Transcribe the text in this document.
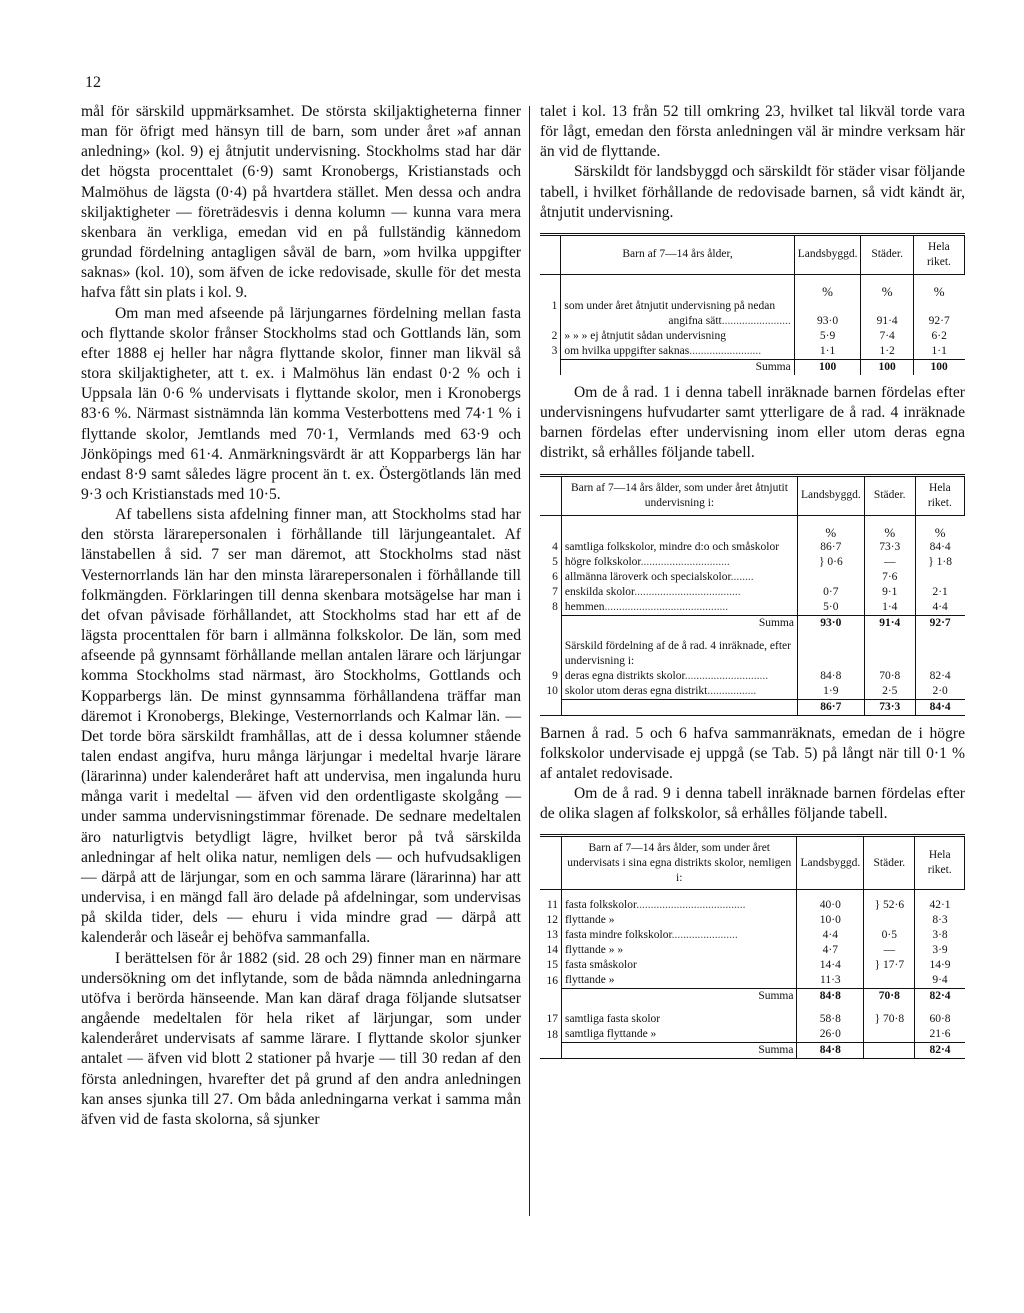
12

mål för särskild uppmärksamhet. De största skiljaktigheterna finner man för öfrigt med hänsyn till de barn, som under året »af annan anledning» (kol. 9) ej åtnjutit undervisning. Stockholms stad har där det högsta procenttalet (6·9) samt Kronobergs, Kristianstads och Malmöhus de lägsta (0·4) på hvartdera stället. Men dessa och andra skiljaktigheter — företrädesvis i denna kolumn — kunna vara mera skenbara än verkliga, emedan vid en på fullständig kännedom grundad fördelning antagligen såväl de barn, »om hvilka uppgifter saknas» (kol. 10), som äfven de icke redovisade, skulle för det mesta hafva fått sin plats i kol. 9.

Om man med afseende på lärjungarnes fördelning mellan fasta och flyttande skolor frånser Stockholms stad och Gottlands län, som efter 1888 ej heller har några flyttande skolor, finner man likväl så stora skiljaktigheter, att t. ex. i Malmöhus län endast 0·2 % och i Uppsala län 0·6 % undervisats i flyttande skolor, men i Kronobergs 83·6 %. Närmast sistnämnda län komma Vesterbottens med 74·1 % i flyttande skolor, Jemtlands med 70·1, Vermlands med 63·9 och Jönköpings med 61·4. Anmärkningsvärdt är att Kopparbergs län har endast 8·9 samt således lägre procent än t. ex. Östergötlands län med 9·3 och Kristianstads med 10·5.

Af tabellens sista afdelning finner man, att Stockholms stad har den största lärarepersonalen i förhållande till lärjungeantalet. Af länstabellen å sid. 7 ser man däremot, att Stockholms stad näst Vesternorrlands län har den minsta lärarepersonalen i förhållande till folkmängden. Förklaringen till denna skenbara motsägelse har man i det ofvan påvisade förhållandet, att Stockholms stad har ett af de lägsta procenttalen för barn i allmänna folkskolor. De län, som med afseende på gynnsamt förhållande mellan antalen lärare och lärjungar komma Stockholms stad närmast, äro Stockholms, Gottlands och Kopparbergs län. De minst gynnsamma förhållandena träffar man däremot i Kronobergs, Blekinge, Vesternorrlands och Kalmar län. — Det torde böra särskildt framhållas, att de i dessa kolumner stående talen endast angifva, huru många lärjungar i medeltal hvarje lärare (lärarinna) under kalenderåret haft att undervisa, men ingalunda huru många varit i medeltal — äfven vid den ordentligaste skolgång — under samma undervisningstimmar förenade. De sednare medeltalen äro naturligtvis betydligt lägre, hvilket beror på två särskilda anledningar af helt olika natur, nemligen dels — och hufvudsakligen — därpå att de lärjungar, som en och samma lärare (lärarinna) har att undervisa, i en mängd fall äro delade på afdelningar, som undervisas på skilda tider, dels — ehuru i vida mindre grad — därpå att kalenderår och läseår ej behöfva sammanfalla.

I berättelsen för år 1882 (sid. 28 och 29) finner man en närmare undersökning om det inflytande, som de båda nämnda anledningarna utöfva i berörda hänseende. Man kan däraf draga följande slutsatser angående medeltalen för hela riket af lärjungar, som under kalenderåret undervisats af samme lärare. I flyttande skolor sjunker antalet — äfven vid blott 2 stationer på hvarje — till 30 redan af den första anledningen, hvarefter det på grund af den andra anledningen kan anses sjunka till 27. Om båda anledningarna verkat i samma mån äfven vid de fasta skolorna, så sjunker

talet i kol. 13 från 52 till omkring 23, hvilket tal likväl torde vara för lågt, emedan den första anledningen väl är mindre verksam här än vid de flyttande.

Särskildt för landsbyggd och särskildt för städer visar följande tabell, i hvilket förhållande de redovisade barnen, så vidt kändt är, åtnjutit undervisning.

	Barn af 7—14 års ålder,	Landsbyggd.	Städer.	Hela riket.
		%	%	%
1	som under året åtnjutit undervisning på nedan			
	angifna sätt........................	93·0	91·4	92·7
2	» » » ej åtnjutit sådan undervisning	5·9	7·4	6·2
3	om hvilka uppgifter saknas.........................	1·1	1·2	1·1
	Summa	100	100	100

Om de å rad. 1 i denna tabell inräknade barnen fördelas efter undervisningens hufvudarter samt ytterligare de å rad. 4 inräknade barnen fördelas efter undervisning inom eller utom deras egna distrikt, så erhålles följande tabell.

	Barn af 7—14 års ålder, som under året åtnjutit undervisning i:	Landsbyggd.	Städer.	Hela riket.
		%	%	%
4	samtliga folkskolor, mindre d:o och småskolor	86·7	73·3	84·4
5	högre folkskolor...............................	} 0·6	—	} 1·8
6	allmänna läroverk och specialskolor........		7·6	
7	enskilda skolor.....................................	0·7	9·1	2·1
8	hemmen...........................................	5·0	1·4	4·4
	Summa	93·0	91·4	92·7

	Särskild fördelning af de å rad. 4 inräknade, efter undervisning i:			
9	deras egna distrikts skolor.............................	84·8	70·8	82·4
10	skolor utom deras egna distrikt.................	1·9	2·5	2·0
		86·7	73·3	84·4

Barnen å rad. 5 och 6 hafva sammanräknats, emedan de i högre folkskolor undervisade ej uppgå (se Tab. 5) på långt när till 0·1 % af antalet redovisade.

Om de å rad. 9 i denna tabell inräknade barnen fördelas efter de olika slagen af folkskolor, så erhålles följande tabell.

	Barn af 7—14 års ålder, som under året undervisats i sina egna distrikts skolor, nemligen i:	Landsbyggd.	Städer.	Hela riket.

11	fasta folkskolor......................................	40·0	} 52·6	42·1
12	flyttande »	10·0		8·3
13	fasta mindre folkskolor.......................	4·4	0·5	3·8
14	flyttande » »	4·7	—	3·9
15	fasta småskolor	14·4	} 17·7	14·9
16	flyttande »	11·3		9·4
	Summa	84·8	70·8	82·4

17	samtliga fasta skolor	58·8	} 70·8	60·8
18	samtliga flyttande »	26·0		21·6
	Summa	84·8		82·4
